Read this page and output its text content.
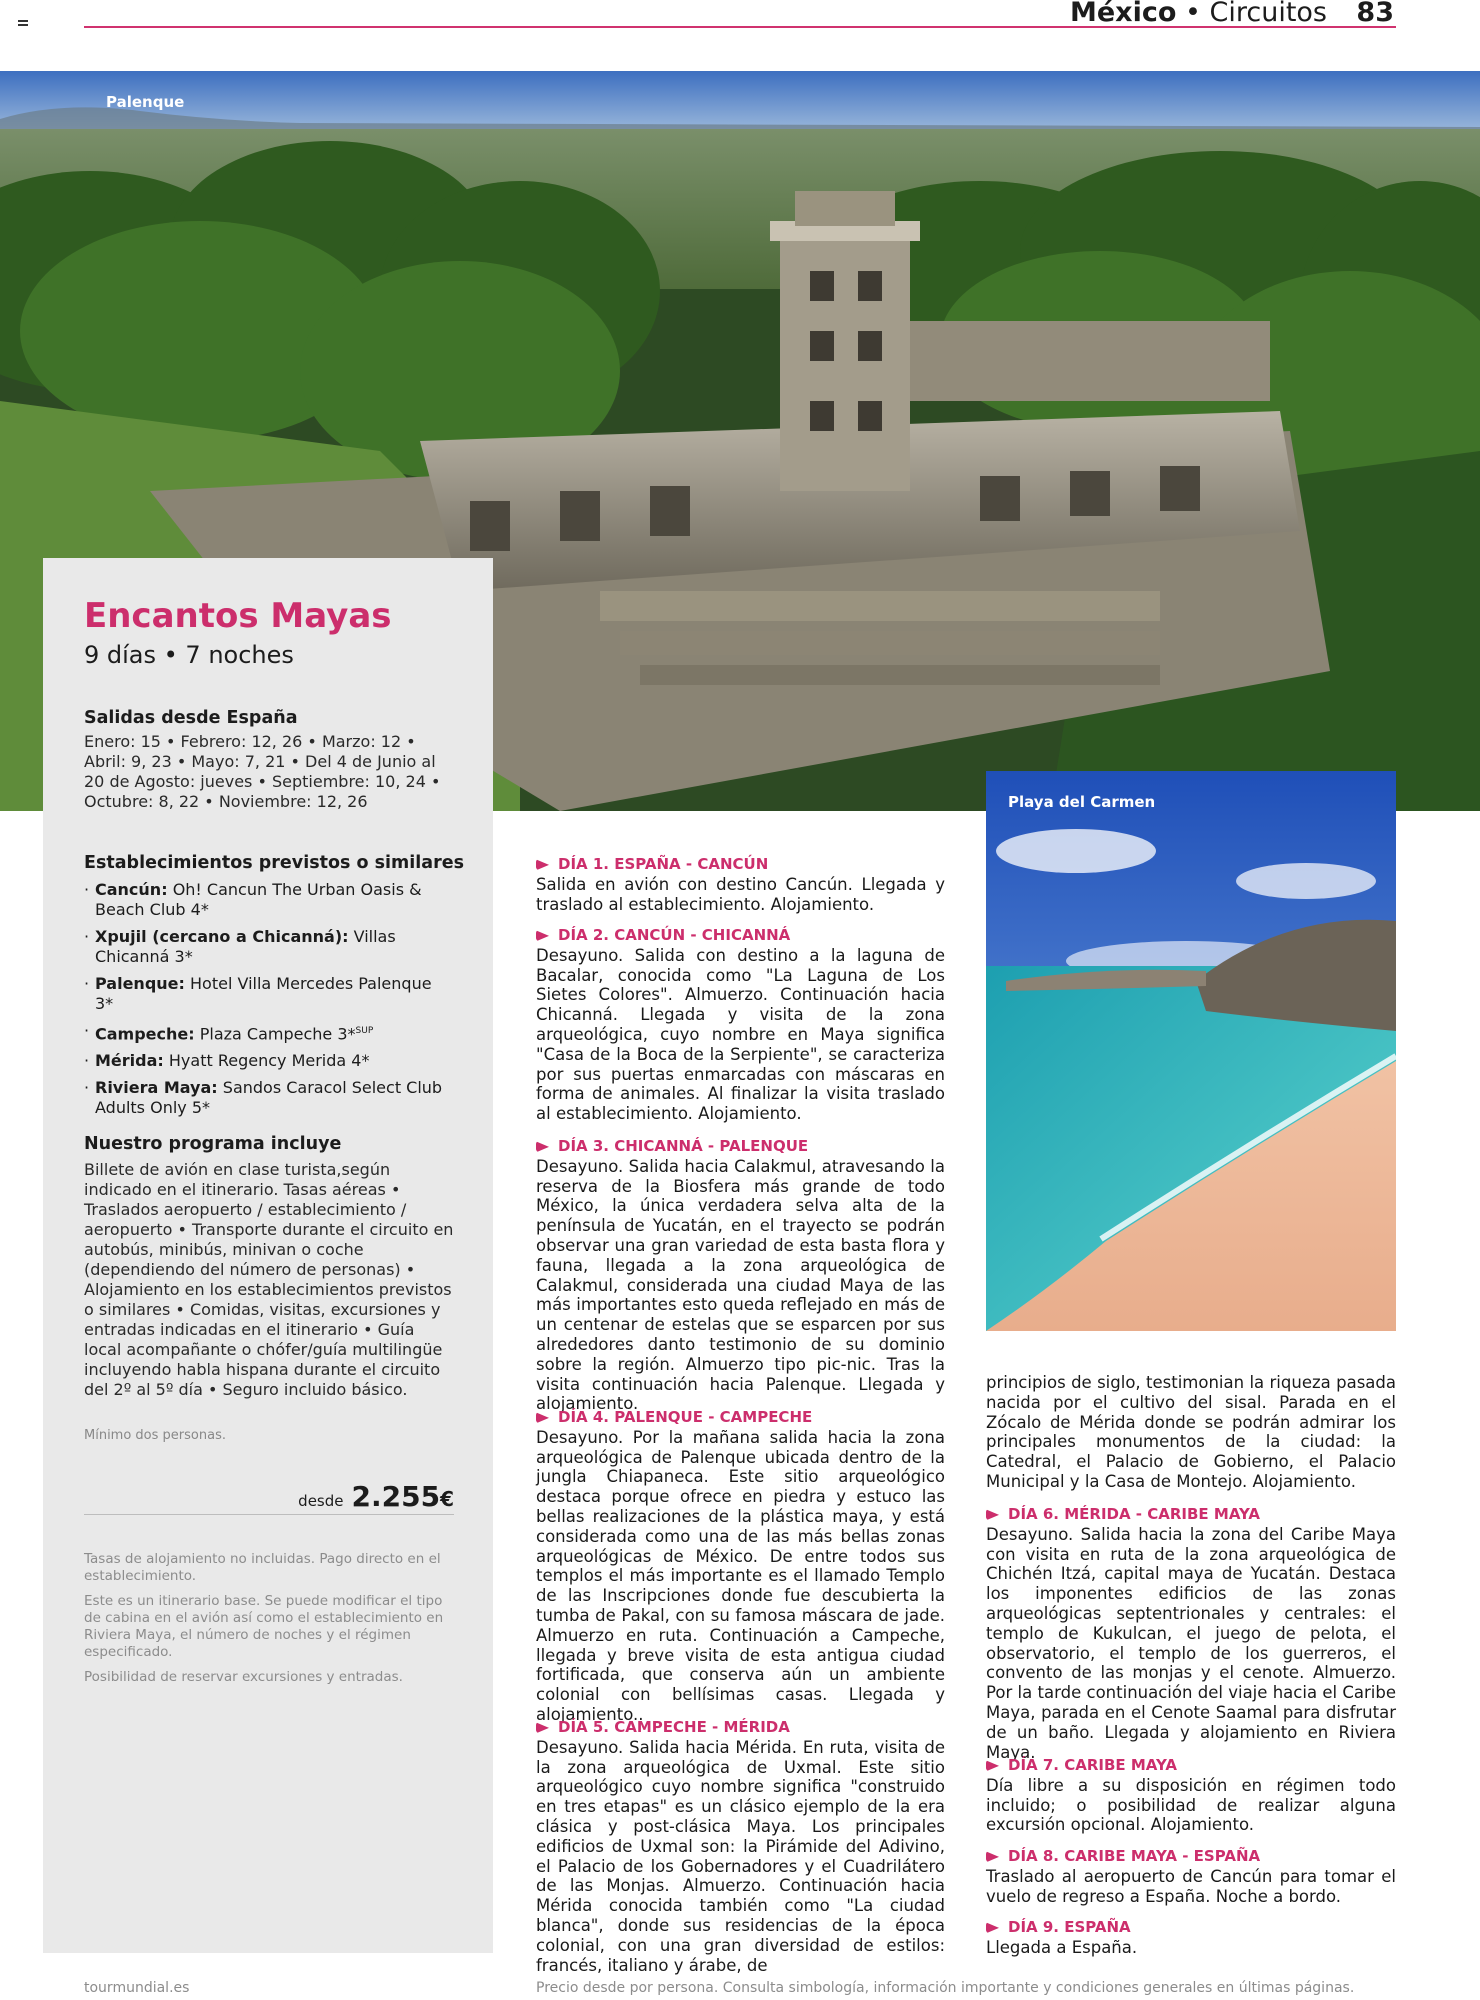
México • Circuitos 83
Palenque
Encantos Mayas
9 días • 7 noches
Salidas desde España
Enero: 15 • Febrero: 12, 26 • Marzo: 12 • Abril: 9, 23 • Mayo: 7, 21 • Del 4 de Junio al 20 de Agosto: jueves • Septiembre: 10, 24 • Octubre: 8, 22 • Noviembre: 12, 26
Establecimientos previstos o similares
· Cancún: Oh! Cancun The Urban Oasis & Beach Club 4*
· Xpujil (cercano a Chicanná): Villas Chicanná 3*
· Palenque: Hotel Villa Mercedes Palenque 3*
· Campeche: Plaza Campeche 3*$^{SUP}$
· Mérida: Hyatt Regency Merida 4*
· Riviera Maya: Sandos Caracol Select Club Adults Only 5*
Nuestro programa incluye
Billete de avión en clase turista,según indicado en el itinerario. Tasas aéreas • Traslados aeropuerto / establecimiento / aeropuerto • Transporte durante el circuito en autobús, minibús, minivan o coche (dependiendo del número de personas) • Alojamiento en los establecimientos previstos o similares • Comidas, visitas, excursiones y entradas indicadas en el itinerario • Guía local acompañante o chófer/guía multilingüe incluyendo habla hispana durante el circuito del 2º al 5º día • Seguro incluido básico.
Mínimo dos personas.
desde 2.255€
Tasas de alojamiento no incluidas. Pago directo en el establecimiento.
Este es un itinerario base. Se puede modificar el tipo de cabina en el avión así como el establecimiento en Riviera Maya, el número de noches y el régimen especificado.
Posibilidad de reservar excursiones y entradas.
DÍA 1. ESPAÑA - CANCÚN

Salida en avión con destino Cancún. Llegada y traslado al establecimiento. Alojamiento.

DÍA 2. CANCÚN - CHICANNÁ

Desayuno. Salida con destino a la laguna de Bacalar, conocida como "La Laguna de Los Sietes Colores". Almuerzo. Continuación hacia Chicanná. Llegada y visita de la zona arqueológica, cuyo nombre en Maya significa "Casa de la Boca de la Serpiente", se caracteriza por sus puertas enmarcadas con máscaras en forma de animales. Al finalizar la visita traslado al establecimiento. Alojamiento.

DÍA 3. CHICANNÁ - PALENQUE

Desayuno. Salida hacia Calakmul, atravesando la reserva de la Biosfera más grande de todo México, la única verdadera selva alta de la península de Yucatán, en el trayecto se podrán observar una gran variedad de esta basta flora y fauna, llegada a la zona arqueológica de Calakmul, considerada una ciudad Maya de las más importantes esto queda reflejado en más de un centenar de estelas que se esparcen por sus alrededores danto testimonio de su dominio sobre la región. Almuerzo tipo pic-nic. Tras la visita continuación hacia Palenque. Llegada y alojamiento.

DÍA 4. PALENQUE - CAMPECHE

Desayuno. Por la mañana salida hacia la zona arqueológica de Palenque ubicada dentro de la jungla Chiapaneca. Este sitio arqueológico destaca porque ofrece en piedra y estuco las bellas realizaciones de la plástica maya, y está considerada como una de las más bellas zonas arqueológicas de México. De entre todos sus templos el más importante es el llamado Templo de las Inscripciones donde fue descubierta la tumba de Pakal, con su famosa máscara de jade. Almuerzo en ruta. Continuación a Campeche, llegada y breve visita de esta antigua ciudad fortificada, que conserva aún un ambiente colonial con bellísimas casas. Llegada y alojamiento..

DÍA 5. CAMPECHE - MÉRIDA

Desayuno. Salida hacia Mérida. En ruta, visita de la zona arqueológica de Uxmal. Este sitio arqueológico cuyo nombre significa "construido en tres etapas" es un clásico ejemplo de la era clásica y post-clásica Maya. Los principales edificios de Uxmal son: la Pirámide del Adivino, el Palacio de los Gobernadores y el Cuadrilátero de las Monjas. Almuerzo. Continuación hacia Mérida conocida también como "La ciudad blanca", donde sus residencias de la época colonial, con una gran diversidad de estilos: francés, italiano y árabe, de

Playa del Carmen

principios de siglo, testimonian la riqueza pasada nacida por el cultivo del sisal. Parada en el Zócalo de Mérida donde se podrán admirar los principales monumentos de la ciudad: la Catedral, el Palacio de Gobierno, el Palacio Municipal y la Casa de Montejo. Alojamiento.

DÍA 6. MÉRIDA - CARIBE MAYA

Desayuno. Salida hacia la zona del Caribe Maya con visita en ruta de la zona arqueológica de Chichén Itzá, capital maya de Yucatán. Destaca los imponentes edificios de las zonas arqueológicas septentrionales y centrales: el templo de Kukulcan, el juego de pelota, el observatorio, el templo de los guerreros, el convento de las monjas y el cenote. Almuerzo. Por la tarde continuación del viaje hacia el Caribe Maya, parada en el Cenote Saamal para disfrutar de un baño. Llegada y alojamiento en Riviera Maya.

DÍA 7. CARIBE MAYA

Día libre a su disposición en régimen todo incluido; o posibilidad de realizar alguna excursión opcional. Alojamiento.

DÍA 8. CARIBE MAYA - ESPAÑA

Traslado al aeropuerto de Cancún para tomar el vuelo de regreso a España. Noche a bordo.

DÍA 9. ESPAÑA

Llegada a España.

tourmundial.es	Precio desde por persona. Consulta simbología, información importante y condiciones generales en últimas páginas.
